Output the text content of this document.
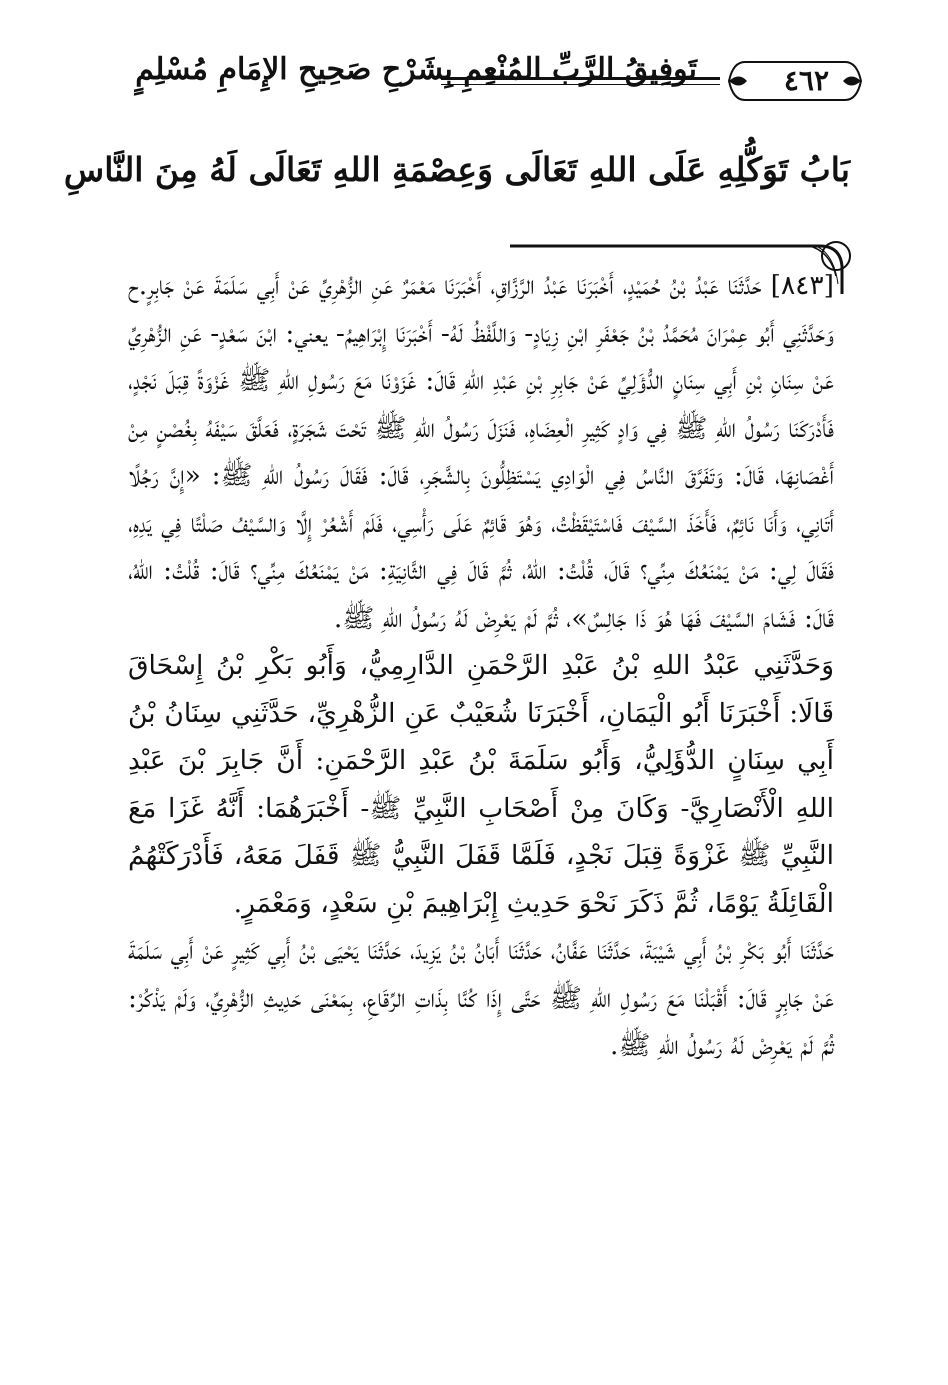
تَوفِيقُ الرَّبِّ المُنْعِمِ بِشَرْحِ صَحِيحِ الإِمَامِ مُسْلِمٍ	٤٦٢
بَابُ تَوَكُّلِهِ عَلَى اللهِ تَعَالَى وَعِصْمَةِ اللهِ تَعَالَى لَهُ مِنَ النَّاسِ

[٨٤٣] حَدَّثَنَا عَبْدُ بْنُ حُمَيْدٍ، أَخْبَرَنَا عَبْدُ الرَّزَّاقِ، أَخْبَرَنَا مَعْمَرٌ عَنِ الزُّهْرِيِّ عَنْ أَبِي سَلَمَةَ عَنْ جَابِرٍ.ح وَحَدَّثَنِي أَبُو عِمْرَانَ مُحَمَّدُ بْنُ جَعْفَرِ ابْنِ زِيَادٍ- وَاللَّفْظُ لَهُ- أَخْبَرَنَا إِبْرَاهِيمُ- يعني: ابْنَ سَعْدٍ- عَنِ الزُّهْرِيِّ عَنْ سِنَانِ بْنِ أَبِي سِنَانٍ الدُّؤَلِيِّ عَنْ جَابِرِ بْنِ عَبْدِ اللهِ قَالَ: غَزَوْنَا مَعَ رَسُولِ اللهِ ﷺ غَزْوَةً قِبَلَ نَجْدٍ، فَأَدْرَكَنَا رَسُولُ اللهِ ﷺ فِي وَادٍ كَثِيرِ الْعِضَاهِ، فَنَزَلَ رَسُولُ اللهِ ﷺ تَحْتَ شَجَرَةٍ، فَعَلَّقَ سَيْفَهُ بِغُصْنٍ مِنْ أَغْصَانِهَا، قَالَ: وَتَفَرَّقَ النَّاسُ فِي الْوَادِي يَسْتَظِلُّونَ بِالشَّجَرِ، قَالَ: فَقَالَ رَسُولُ اللهِ ﷺ: «إِنَّ رَجُلًا أَتَانِي، وَأَنَا نَائِمٌ، فَأَخَذَ السَّيْفَ فَاسْتَيْقَظْتُ، وَهُوَ قَائِمٌ عَلَى رَأْسِي، فَلَمْ أَشْعُرْ إِلَّا وَالسَّيْفُ صَلْتًا فِي يَدِهِ، فَقَالَ لِي: مَنْ يَمْنَعُكَ مِنِّي؟ قَالَ، قُلْتُ: اللهُ، ثُمَّ قَالَ فِي الثَّانِيَةِ: مَنْ يَمْنَعُكَ مِنِّي؟ قَالَ: قُلْتُ: اللهُ، قَالَ: فَشَامَ السَّيْفَ فَهَا هُوَ ذَا جَالِسٌ»، ثُمَّ لَمْ يَعْرِضْ لَهُ رَسُولُ اللهِ ﷺ.

وَحَدَّثَنِي عَبْدُ اللهِ بْنُ عَبْدِ الرَّحْمَنِ الدَّارِمِيُّ، وَأَبُو بَكْرِ بْنُ إِسْحَاقَ قَالَا: أَخْبَرَنَا أَبُو الْيَمَانِ، أَخْبَرَنَا شُعَيْبٌ عَنِ الزُّهْرِيِّ، حَدَّثَنِي سِنَانُ بْنُ أَبِي سِنَانٍ الدُّؤَلِيُّ، وَأَبُو سَلَمَةَ بْنُ عَبْدِ الرَّحْمَنِ: أَنَّ جَابِرَ بْنَ عَبْدِ اللهِ الْأَنْصَارِيَّ- وَكَانَ مِنْ أَصْحَابِ النَّبِيِّ ﷺ- أَخْبَرَهُمَا: أَنَّهُ غَزَا مَعَ النَّبِيِّ ﷺ غَزْوَةً قِبَلَ نَجْدٍ، فَلَمَّا قَفَلَ النَّبِيُّ ﷺ قَفَلَ مَعَهُ، فَأَدْرَكَتْهُمُ الْقَائِلَةُ يَوْمًا، ثُمَّ ذَكَرَ نَحْوَ حَدِيثِ إِبْرَاهِيمَ بْنِ سَعْدٍ، وَمَعْمَرٍ.

حَدَّثَنَا أَبُو بَكْرِ بْنُ أَبِي شَيْبَةَ، حَدَّثَنَا عَفَّانُ، حَدَّثَنَا أَبَانُ بْنُ يَزِيدَ، حَدَّثَنَا يَحْيَى بْنُ أَبِي كَثِيرٍ عَنْ أَبِي سَلَمَةَ عَنْ جَابِرٍ قَالَ: أَقْبَلْنَا مَعَ رَسُولِ اللهِ ﷺ حَتَّى إِذَا كُنَّا بِذَاتِ الرِّقَاعِ، بِمَعْنَى حَدِيثِ الزُّهْرِيِّ، وَلَمْ يَذْكُرْ: ثُمَّ لَمْ يَعْرِضْ لَهُ رَسُولُ اللهِ ﷺ.
